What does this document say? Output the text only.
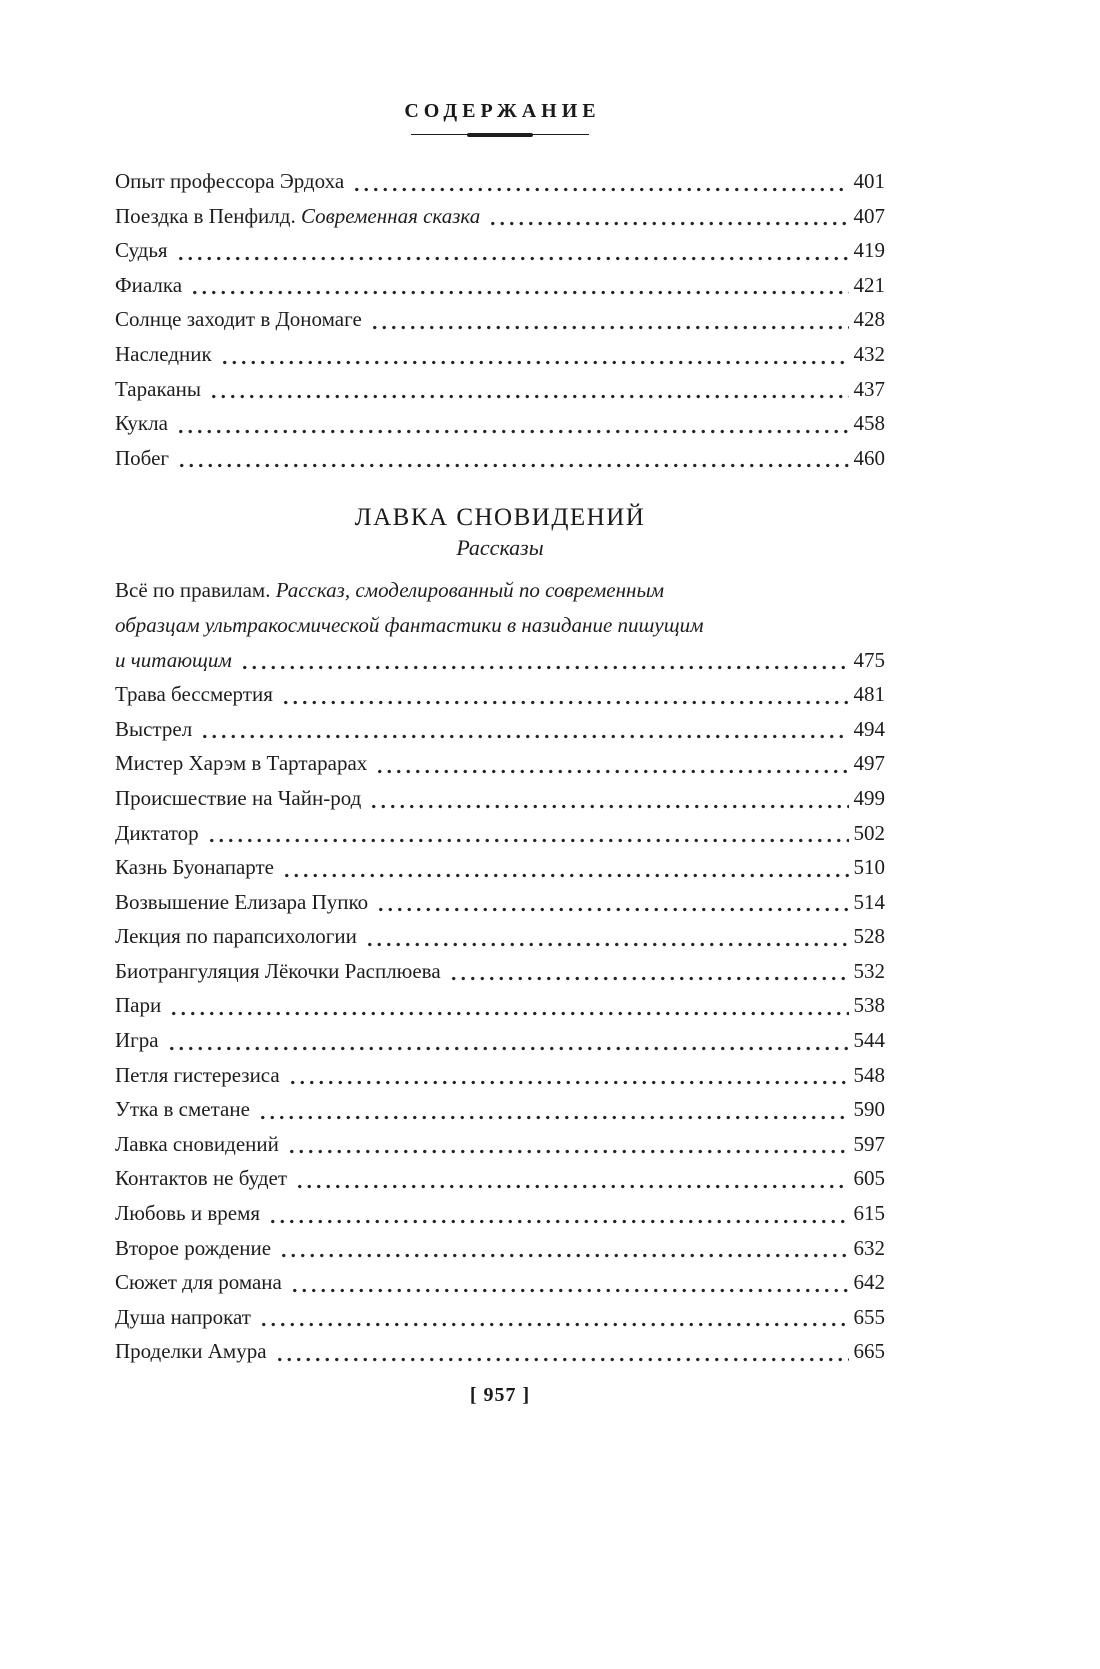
СОДЕРЖАНИЕ
Опыт профессора Эрдоха	401
Поездка в Пенфилд. Современная сказка	407
Судья	419
Фиалка	421
Солнце заходит в Дономаге	428
Наследник	432
Тараканы	437
Кукла	458
Побег	460
ЛАВКА СНОВИДЕНИЙ
Рассказы
Всё по правилам. Рассказ, смоделированный по современным
образцам ультракосмической фантастики в назидание пишущим
и читающим	475
Трава бессмертия	481
Выстрел	494
Мистер Харэм в Тартарарах	497
Происшествие на Чайн-род	499
Диктатор	502
Казнь Буонапарте	510
Возвышение Елизара Пупко	514
Лекция по парапсихологии	528
Биотрангуляция Лёкочки Расплюева	532
Пари	538
Игра	544
Петля гистерезиса	548
Утка в сметане	590
Лавка сновидений	597
Контактов не будет	605
Любовь и время	615
Второе рождение	632
Сюжет для романа	642
Душа напрокат	655
Проделки Амура	665
[ 957 ]
